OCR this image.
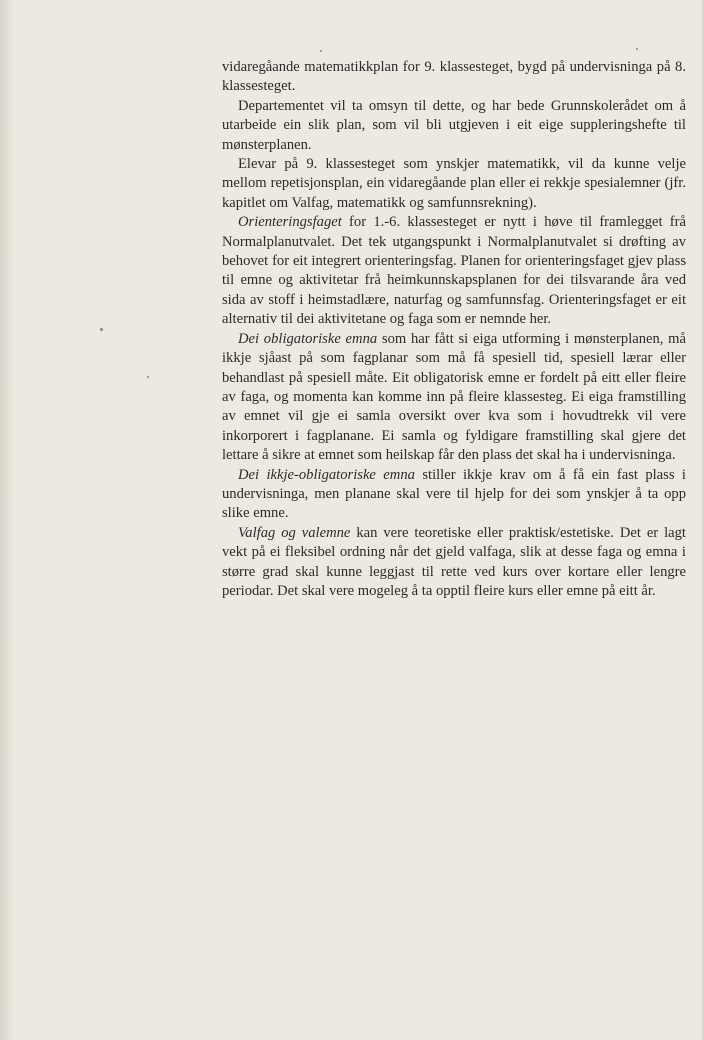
vidaregåande matematikkplan for 9. klassesteget, bygd på undervisninga på 8. klassesteget.

Departementet vil ta omsyn til dette, og har bede Grunnskolerådet om å utarbeide ein slik plan, som vil bli utgjeven i eit eige suppleringshefte til mønsterplanen.

Elevar på 9. klassesteget som ynskjer matematikk, vil da kunne velje mellom repetisjonsplan, ein vidaregåande plan eller ei rekkje spesialemner (jfr. kapitlet om Valfag, matematikk og samfunnsrekning).

Orienteringsfaget for 1.-6. klassesteget er nytt i høve til framlegget frå Normalplanutvalet. Det tek utgangspunkt i Normalplanutvalet si drøfting av behovet for eit integrert orienteringsfag. Planen for orienteringsfaget gjev plass til emne og aktivitetar frå heimkunnskapsplanen for dei tilsvarande åra ved sida av stoff i heimstadlære, naturfag og samfunnsfag. Orienteringsfaget er eit alternativ til dei aktivitetane og faga som er nemnde her.

Dei obligatoriske emna som har fått si eiga utforming i mønsterplanen, må ikkje sjåast på som fagplanar som må få spesiell tid, spesiell lærar eller behandlast på spesiell måte. Eit obligatorisk emne er fordelt på eitt eller fleire av faga, og momenta kan komme inn på fleire klassesteg. Ei eiga framstilling av emnet vil gje ei samla oversikt over kva som i hovudtrekk vil vere inkorporert i fagplanane. Ei samla og fyldigare framstilling skal gjere det lettare å sikre at emnet som heilskap får den plass det skal ha i undervisninga.

Dei ikkje-obligatoriske emna stiller ikkje krav om å få ein fast plass i undervisninga, men planane skal vere til hjelp for dei som ynskjer å ta opp slike emne.

Valfag og valemne kan vere teoretiske eller praktisk/estetiske. Det er lagt vekt på ei fleksibel ordning når det gjeld valfaga, slik at desse faga og emna i større grad skal kunne leggjast til rette ved kurs over kortare eller lengre periodar. Det skal vere mogeleg å ta opptil fleire kurs eller emne på eitt år.
